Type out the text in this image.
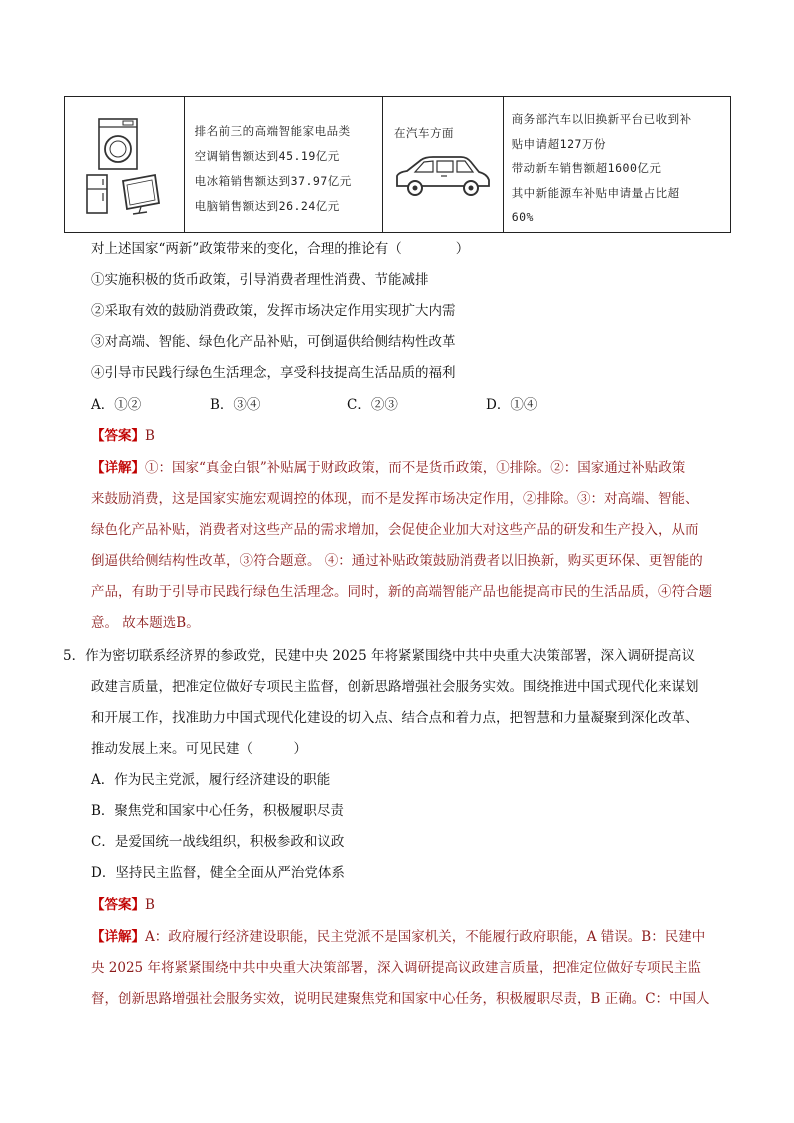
排名前三的高端智能家电品类
空调销售额达到45.19亿元
电冰箱销售额达到37.97亿元
电脑销售额达到26.24亿元
在汽车方面
商务部汽车以旧换新平台已收到补
贴申请超127万份
带动新车销售额超1600亿元
其中新能源车补贴申请量占比超
60%
对上述国家“两新”政策带来的变化，合理的推论有（　　　　）
①实施积极的货币政策，引导消费者理性消费、节能减排
②采取有效的鼓励消费政策，发挥市场决定作用实现扩大内需
③对高端、智能、绿色化产品补贴，可倒逼供给侧结构性改革
④引导市民践行绿色生活理念，享受科技提高生活品质的福利
A．①②	B．③④	C．②③	D．①④
【答案】B
【详解】①：国家“真金白银”补贴属于财政政策，而不是货币政策，①排除。②：国家通过补贴政策
来鼓励消费，这是国家实施宏观调控的体现，而不是发挥市场决定作用，②排除。③：对高端、智能、
绿色化产品补贴，消费者对这些产品的需求增加，会促使企业加大对这些产品的研发和生产投入，从而
倒逼供给侧结构性改革，③符合题意。 ④：通过补贴政策鼓励消费者以旧换新，购买更环保、更智能的
产品，有助于引导市民践行绿色生活理念。同时，新的高端智能产品也能提高市民的生活品质，④符合题
意。 故本题选B。
5．作为密切联系经济界的参政党，民建中央 2025 年将紧紧围绕中共中央重大决策部署，深入调研提高议
政建言质量，把准定位做好专项民主监督，创新思路增强社会服务实效。围绕推进中国式现代化来谋划
和开展工作，找准助力中国式现代化建设的切入点、结合点和着力点，把智慧和力量凝聚到深化改革、
推动发展上来。可见民建（　　　）
A．作为民主党派，履行经济建设的职能
B．聚焦党和国家中心任务，积极履职尽责
C．是爱国统一战线组织，积极参政和议政
D．坚持民主监督，健全全面从严治党体系
【答案】B
【详解】A：政府履行经济建设职能，民主党派不是国家机关，不能履行政府职能，A 错误。B：民建中
央 2025 年将紧紧围绕中共中央重大决策部署，深入调研提高议政建言质量，把准定位做好专项民主监
督，创新思路增强社会服务实效，说明民建聚焦党和国家中心任务，积极履职尽责，B 正确。C：中国人
